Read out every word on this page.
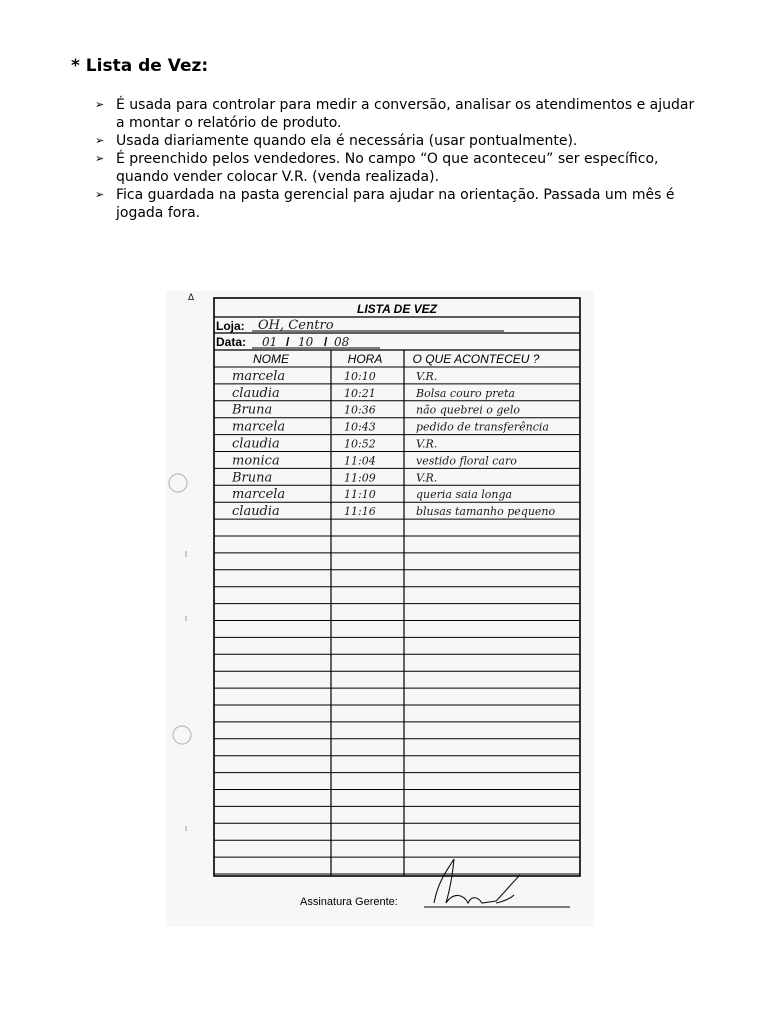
* Lista de Vez:
➢ É usada para controlar para medir a conversão, analisar os atendimentos e ajudar a montar o relatório de produto.
➢ Usada diariamente quando ela é necessária (usar pontualmente).
➢ É preenchido pelos vendedores. No campo “O que aconteceu” ser específico, quando vender colocar V.R. (venda realizada).
➢ Fica guardada na pasta gerencial para ajudar na orientação. Passada um mês é jogada fora.
Δ
LISTA DE VEZ
Loja: OH, Centro
Data: 01 / 10 / 08
NOME	HORA	O QUE ACONTECEU ?
marcela	10:10	V.R.
claudia	10:21	Bolsa couro preta
Bruna	10:36	não quebrei o gelo
marcela	10:43	pedido de transferência
claudia	10:52	V.R.
monica	11:04	vestido floral caro
Bruna	11:09	V.R.
marcela	11:10	queria saia longa
claudia	11:16	blusas tamanho pequeno
Assinatura Gerente:
